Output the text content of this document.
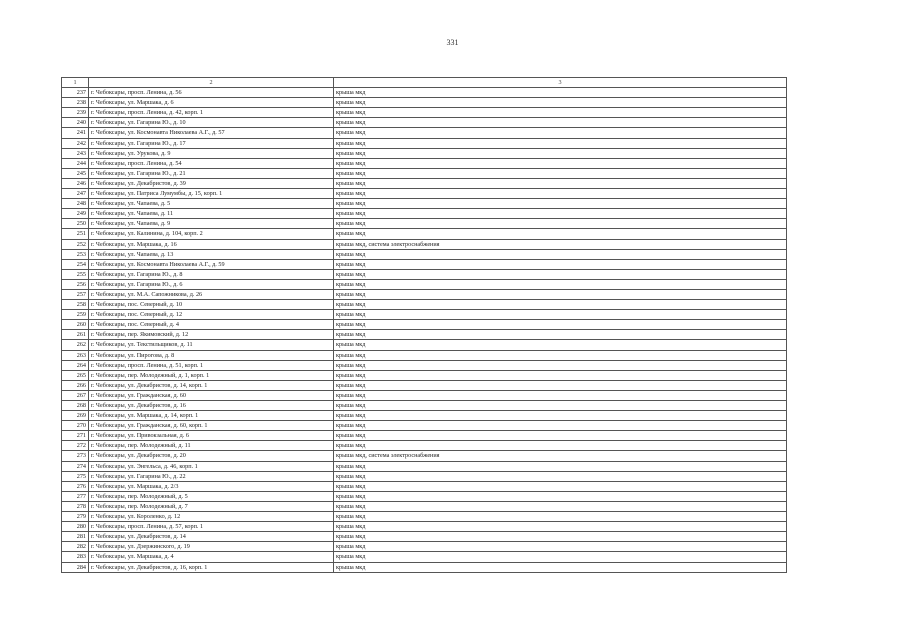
331
1	2	3
237	г. Чебоксары, просп. Ленина, д. 56	крыша мкд
238	г. Чебоксары, ул. Маршака, д. 6	крыша мкд
239	г. Чебоксары, просп. Ленина, д. 42, корп. 1	крыша мкд
240	г. Чебоксары, ул. Гагарина Ю., д. 10	крыша мкд
241	г. Чебоксары, ул. Космонавта Николаева А.Г., д. 57	крыша мкд
242	г. Чебоксары, ул. Гагарина Ю., д. 17	крыша мкд
243	г. Чебоксары, ул. Урукова, д. 9	крыша мкд
244	г. Чебоксары, просп. Ленина, д. 54	крыша мкд
245	г. Чебоксары, ул. Гагарина Ю., д. 21	крыша мкд
246	г. Чебоксары, ул. Декабристов, д. 39	крыша мкд
247	г. Чебоксары, ул. Патриса Лумумбы, д. 15, корп. 1	крыша мкд
248	г. Чебоксары, ул. Чапаева, д. 5	крыша мкд
249	г. Чебоксары, ул. Чапаева, д. 11	крыша мкд
250	г. Чебоксары, ул. Чапаева, д. 9	крыша мкд
251	г. Чебоксары, ул. Калинина, д. 104, корп. 2	крыша мкд
252	г. Чебоксары, ул. Маршака, д. 16	крыша мкд, система электроснабжения
253	г. Чебоксары, ул. Чапаева, д. 13	крыша мкд
254	г. Чебоксары, ул. Космонавта Николаева А.Г., д. 59	крыша мкд
255	г. Чебоксары, ул. Гагарина Ю., д. 8	крыша мкд
256	г. Чебоксары, ул. Гагарина Ю., д. 6	крыша мкд
257	г. Чебоксары, ул. М.А. Сапожникова, д. 26	крыша мкд
258	г. Чебоксары, пос. Северный, д. 10	крыша мкд
259	г. Чебоксары, пос. Северный, д. 12	крыша мкд
260	г. Чебоксары, пос. Северный, д. 4	крыша мкд
261	г. Чебоксары, пер. Якимовский, д. 12	крыша мкд
262	г. Чебоксары, ул. Текстильщиков, д. 11	крыша мкд
263	г. Чебоксары, ул. Пирогова, д. 8	крыша мкд
264	г. Чебоксары, просп. Ленина, д. 51, корп. 1	крыша мкд
265	г. Чебоксары, пер. Молодежный, д. 1, корп. 1	крыша мкд
266	г. Чебоксары, ул. Декабристов, д. 14, корп. 1	крыша мкд
267	г. Чебоксары, ул. Гражданская, д. 60	крыша мкд
268	г. Чебоксары, ул. Декабристов, д. 16	крыша мкд
269	г. Чебоксары, ул. Маршака, д. 14, корп. 1	крыша мкд
270	г. Чебоксары, ул. Гражданская, д. 60, корп. 1	крыша мкд
271	г. Чебоксары, ул. Привокзальная, д. 6	крыша мкд
272	г. Чебоксары, пер. Молодежный, д. 11	крыша мкд
273	г. Чебоксары, ул. Декабристов, д. 20	крыша мкд, система электроснабжения
274	г. Чебоксары, ул. Энгельса, д. 46, корп. 1	крыша мкд
275	г. Чебоксары, ул. Гагарина Ю., д. 22	крыша мкд
276	г. Чебоксары, ул. Маршака, д. 2/3	крыша мкд
277	г. Чебоксары, пер. Молодежный, д. 5	крыша мкд
278	г. Чебоксары, пер. Молодежный, д. 7	крыша мкд
279	г. Чебоксары, ул. Короленко, д. 12	крыша мкд
280	г. Чебоксары, просп. Ленина, д. 57, корп. 1	крыша мкд
281	г. Чебоксары, ул. Декабристов, д. 14	крыша мкд
282	г. Чебоксары, ул. Дзержинского, д. 19	крыша мкд
283	г. Чебоксары, ул. Маршака, д. 4	крыша мкд
284	г. Чебоксары, ул. Декабристов, д. 16, корп. 1	крыша мкд
